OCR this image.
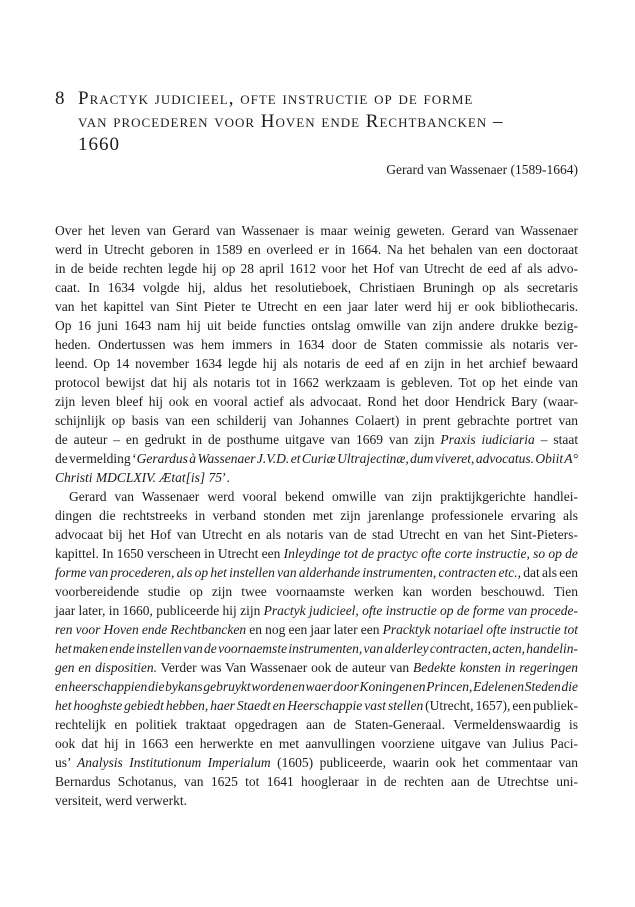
8 Practyk judicieel, ofte instructie op de forme
van procederen voor Hoven ende Rechtbancken –
1660
Gerard van Wassenaer (1589-1664)
Over het leven van Gerard van Wassenaer is maar weinig geweten. Gerard van Wassenaer
werd in Utrecht geboren in 1589 en overleed er in 1664. Na het behalen van een doctoraat
in de beide rechten legde hij op 28 april 1612 voor het Hof van Utrecht de eed af als advo-
caat. In 1634 volgde hij, aldus het resolutieboek, Christiaen Bruningh op als secretaris
van het kapittel van Sint Pieter te Utrecht en een jaar later werd hij er ook bibliothecaris.
Op 16 juni 1643 nam hij uit beide functies ontslag omwille van zijn andere drukke bezig-
heden. Ondertussen was hem immers in 1634 door de Staten commissie als notaris ver-
leend. Op 14 november 1634 legde hij als notaris de eed af en zijn in het archief bewaard
protocol bewijst dat hij als notaris tot in 1662 werkzaam is gebleven. Tot op het einde van
zijn leven bleef hij ook en vooral actief als advocaat. Rond het door Hendrick Bary (waar-
schijnlijk op basis van een schilderij van Johannes Colaert) in prent gebrachte portret van
de auteur – en gedrukt in de posthume uitgave van 1669 van zijn Praxis iudiciaria – staat
de vermelding ‘Gerardus à Wassenaer J.V.D. et Curiæ Ultrajectinæ, dum viveret, advocatus. Obiit A°
Christi MDCLXIV. Ætat[is] 75’.
Gerard van Wassenaer werd vooral bekend omwille van zijn praktijkgerichte handlei-
dingen die rechtstreeks in verband stonden met zijn jarenlange professionele ervaring als
advocaat bij het Hof van Utrecht en als notaris van de stad Utrecht en van het Sint-Pieters-
kapittel. In 1650 verscheen in Utrecht een Inleydinge tot de practyc ofte corte instructie, so op de
forme van procederen, als op het instellen van alderhande instrumenten, contracten etc., dat als een
voorbereidende studie op zijn twee voornaamste werken kan worden beschouwd. Tien
jaar later, in 1660, publiceerde hij zijn Practyk judicieel, ofte instructie op de forme van procede-
ren voor Hoven ende Rechtbancken en nog een jaar later een Pracktyk notariael ofte instructie tot
het maken ende instellen van de voornaemste instrumenten, van alderley contracten, acten, handelin-
gen en dispositien. Verder was Van Wassenaer ook de auteur van Bedekte konsten in regeringen
en heerschappien die bykans gebruykt worden en waer door Koningen en Princen, Edelen en Steden die
het hooghste gebiedt hebben, haer Staedt en Heerschappie vast stellen (Utrecht, 1657), een publiek-
rechtelijk en politiek traktaat opgedragen aan de Staten-Generaal. Vermeldenswaardig is
ook dat hij in 1663 een herwerkte en met aanvullingen voorziene uitgave van Julius Paci-
us’ Analysis Institutionum Imperialum (1605) publiceerde, waarin ook het commentaar van
Bernardus Schotanus, van 1625 tot 1641 hoogleraar in de rechten aan de Utrechtse uni-
versiteit, werd verwerkt.
